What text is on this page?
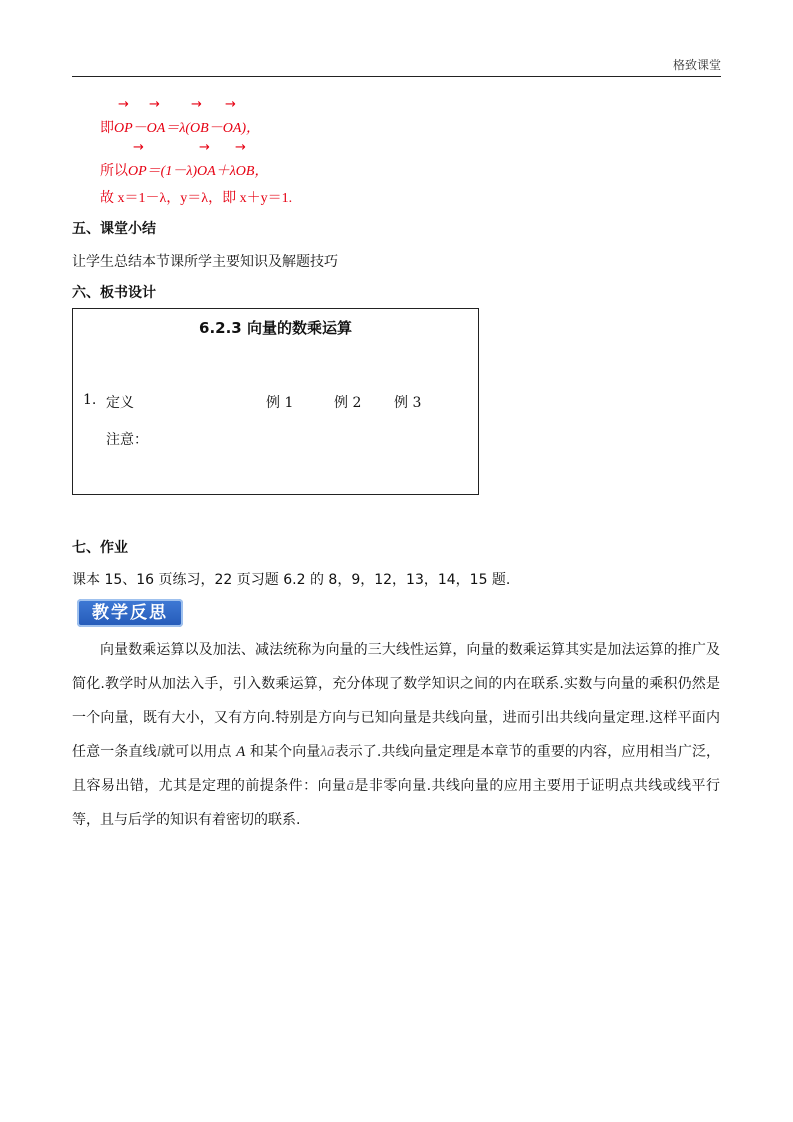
格致课堂
→ → → →
即OP－OA＝λ(OB－OA)，
→	→ →
所以OP＝(1－λ)OA＋λOB，
故 x＝1－λ，y＝λ，即 x＋y＝1.
五、课堂小结
让学生总结本节课所学主要知识及解题技巧
六、板书设计
6.2.3 向量的数乘运算
1. 定义	例 1	例 2 例 3
注意：
七、作业
课本 15、16 页练习，22 页习题 6.2 的 8，9，12，13，14，15 题.
教学反思

向量数乘运算以及加法、减法统称为向量的三大线性运算，向量的数乘运算其实是加法运算的推广及简化.教学时从加法入手，引入数乘运算，充分体现了数学知识之间的内在联系.实数与向量的乘积仍然是一个向量，既有大小，又有方向.特别是方向与已知向量是共线向量，进而引出共线向量定理.这样平面内任意一条直线l就可以用点 A 和某个向量λā表示了.共线向量定理是本章节的重要的内容，应用相当广泛，且容易出错，尤其是定理的前提条件：向量ā是非零向量.共线向量的应用主要用于证明点共线或线平行等，且与后学的知识有着密切的联系.
